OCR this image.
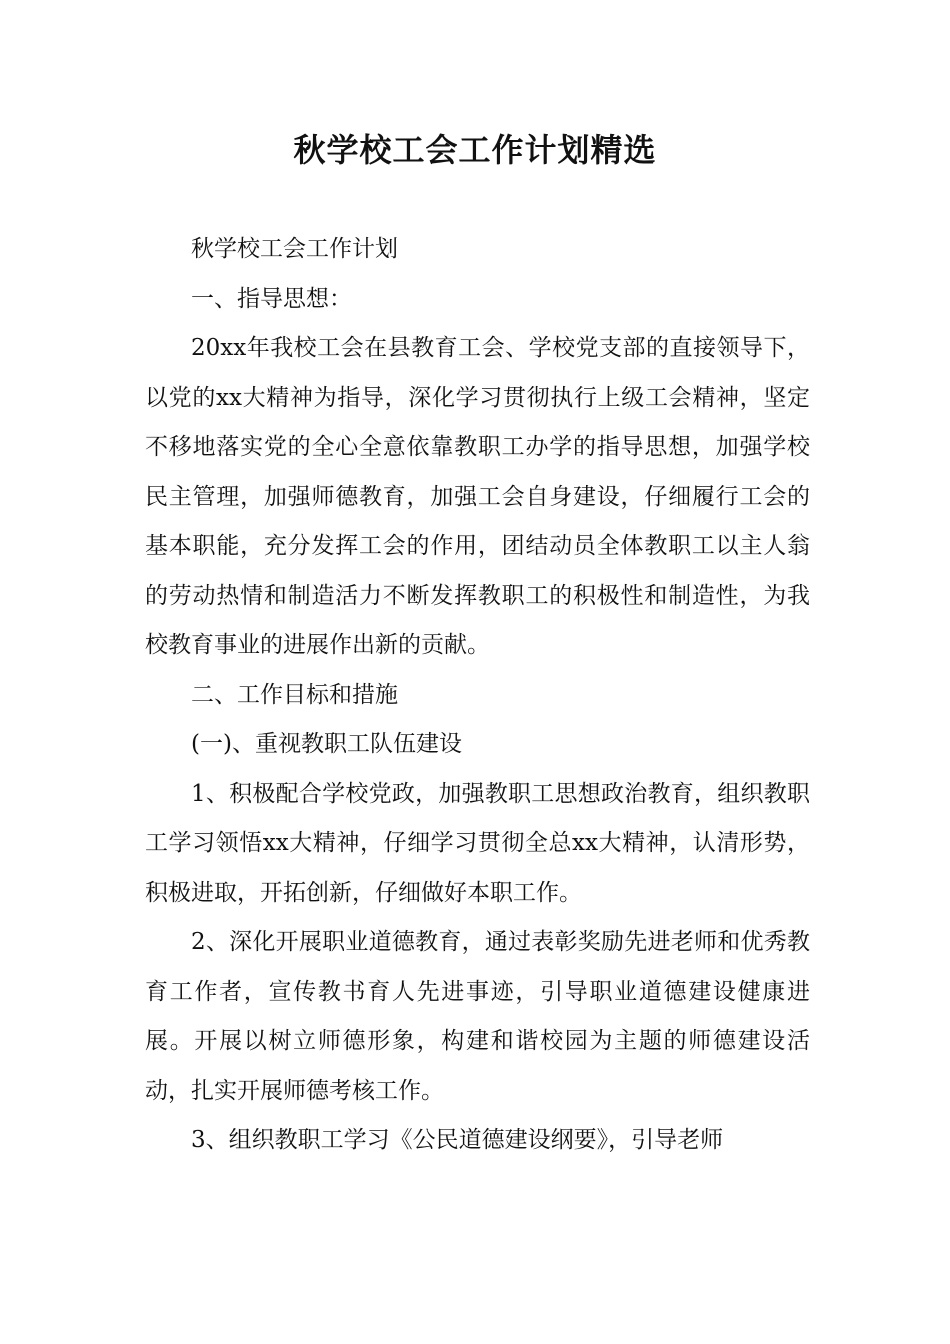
秋学校工会工作计划精选

秋学校工会工作计划

一、指导思想：

20xx年我校工会在县教育工会、学校党支部的直接领导下，以党的xx大精神为指导，深化学习贯彻执行上级工会精神，坚定不移地落实党的全心全意依靠教职工办学的指导思想，加强学校民主管理，加强师德教育，加强工会自身建设，仔细履行工会的基本职能，充分发挥工会的作用，团结动员全体教职工以主人翁的劳动热情和制造活力不断发挥教职工的积极性和制造性，为我校教育事业的进展作出新的贡献。

二、工作目标和措施

(一)、重视教职工队伍建设

1、积极配合学校党政，加强教职工思想政治教育，组织教职工学习领悟xx大精神，仔细学习贯彻全总xx大精神，认清形势，积极进取，开拓创新，仔细做好本职工作。

2、深化开展职业道德教育，通过表彰奖励先进老师和优秀教育工作者，宣传教书育人先进事迹，引导职业道德建设健康进展。开展以树立师德形象，构建和谐校园为主题的师德建设活动，扎实开展师德考核工作。

3、组织教职工学习《公民道德建设纲要》，引导老师
